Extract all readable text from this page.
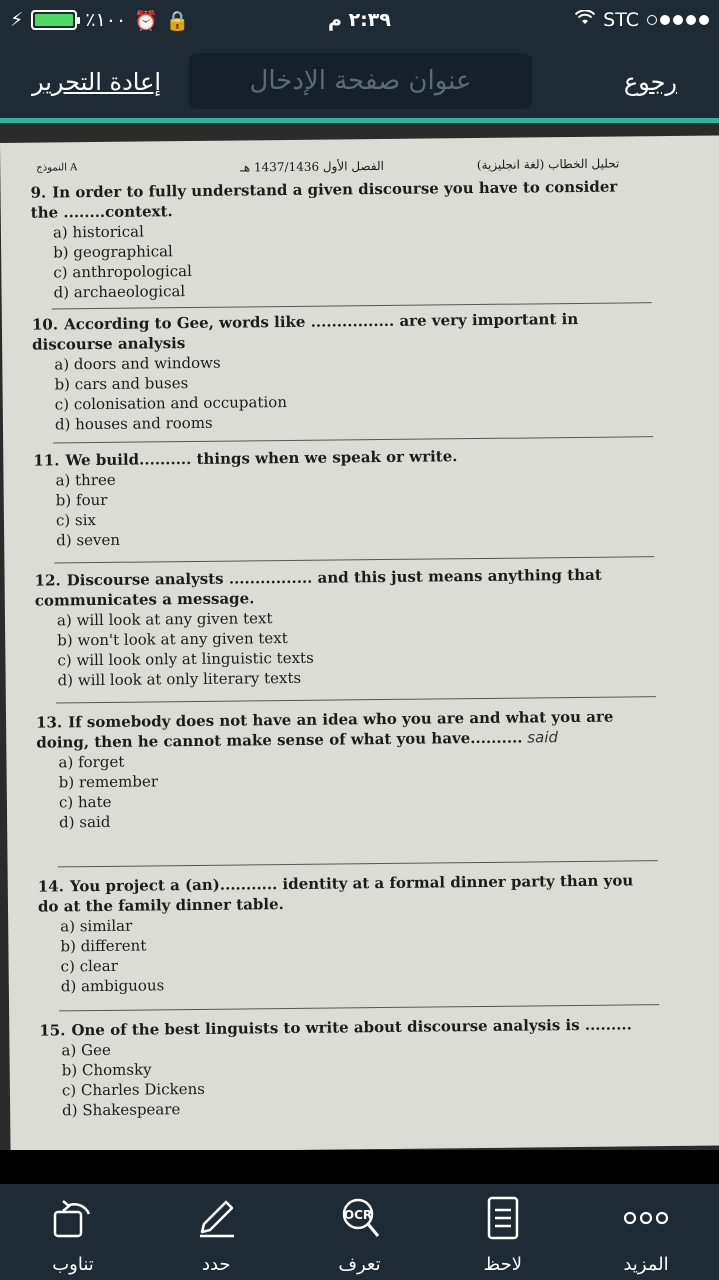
⚡	٪١٠٠ ⏰ 🔒	٢:٣٩ م	STC
إعادة التحرير	عنوان صفحة الإدخال	رجوع
تحليل الخطاب (لغة انجليزية)
الفصل الأول 1437/1436 هـ
النموذج A
9. In order to fully understand a given discourse you have to consider the ........context.
a) historical
b) geographical
c) anthropological
d) archaeological
10. According to Gee, words like ................ are very important in discourse analysis
a) doors and windows
b) cars and buses
c) colonisation and occupation
d) houses and rooms
11. We build.......... things when we speak or write.
a) three
b) four
c) six
d) seven
12. Discourse analysts ................ and this just means anything that communicates a message.
a) will look at any given text
b) won't look at any given text
c) will look only at linguistic texts
d) will look at only literary texts
13. If somebody does not have an idea who you are and what you are doing, then he cannot make sense of what you have.......... said
a) forget
b) remember
c) hate
d) said
14. You project a (an)........... identity at a formal dinner party than you do at the family dinner table.
a) similar
b) different
c) clear
d) ambiguous
15. One of the best linguists to write about discourse analysis is .........
a) Gee
b) Chomsky
c) Charles Dickens
d) Shakespeare
تناوب	حدد
OCR
تعرف	لاحظ	المزيد
